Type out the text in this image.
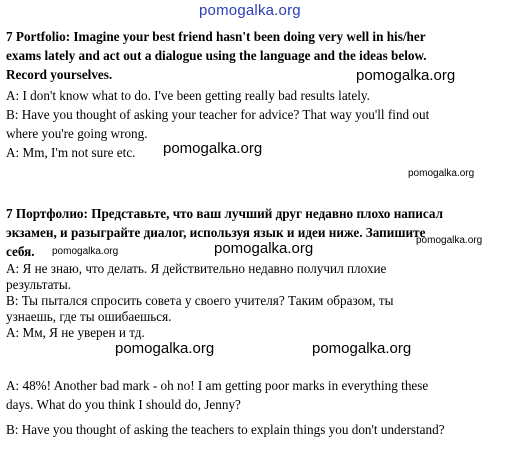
pomogalka.org
7 Portfolio: Imagine your best friend hasn't been doing very well in his/her
exams lately and act out a dialogue using the language and the ideas below.
Record yourselves.	pomogalka.org
A: I don't know what to do. I've been getting really bad results lately.
B: Have you thought of asking your teacher for advice? That way you'll find out
where you're going wrong.
pomogalka.org
A: Mm, I'm not sure etc.
pomogalka.org
7 Портфолио: Представьте, что ваш лучший друг недавно плохо написал
экзамен, и разыграйте диалог, используя язык и идеи ниже. Запишите
pomogalka.org
себя. pomogalka.org	pomogalka.org
А: Я не знаю, что делать. Я действительно недавно получил плохие
результаты.
В: Ты пытался спросить совета у своего учителя? Таким образом, ты
узнаешь, где ты ошибаешься.
А: Мм, Я не уверен и тд.
pomogalka.org	pomogalka.org
A: 48%! Another bad mark - oh no! I am getting poor marks in everything these
days. What do you think I should do, Jenny?
B: Have you thought of asking the teachers to explain things you don't understand?
